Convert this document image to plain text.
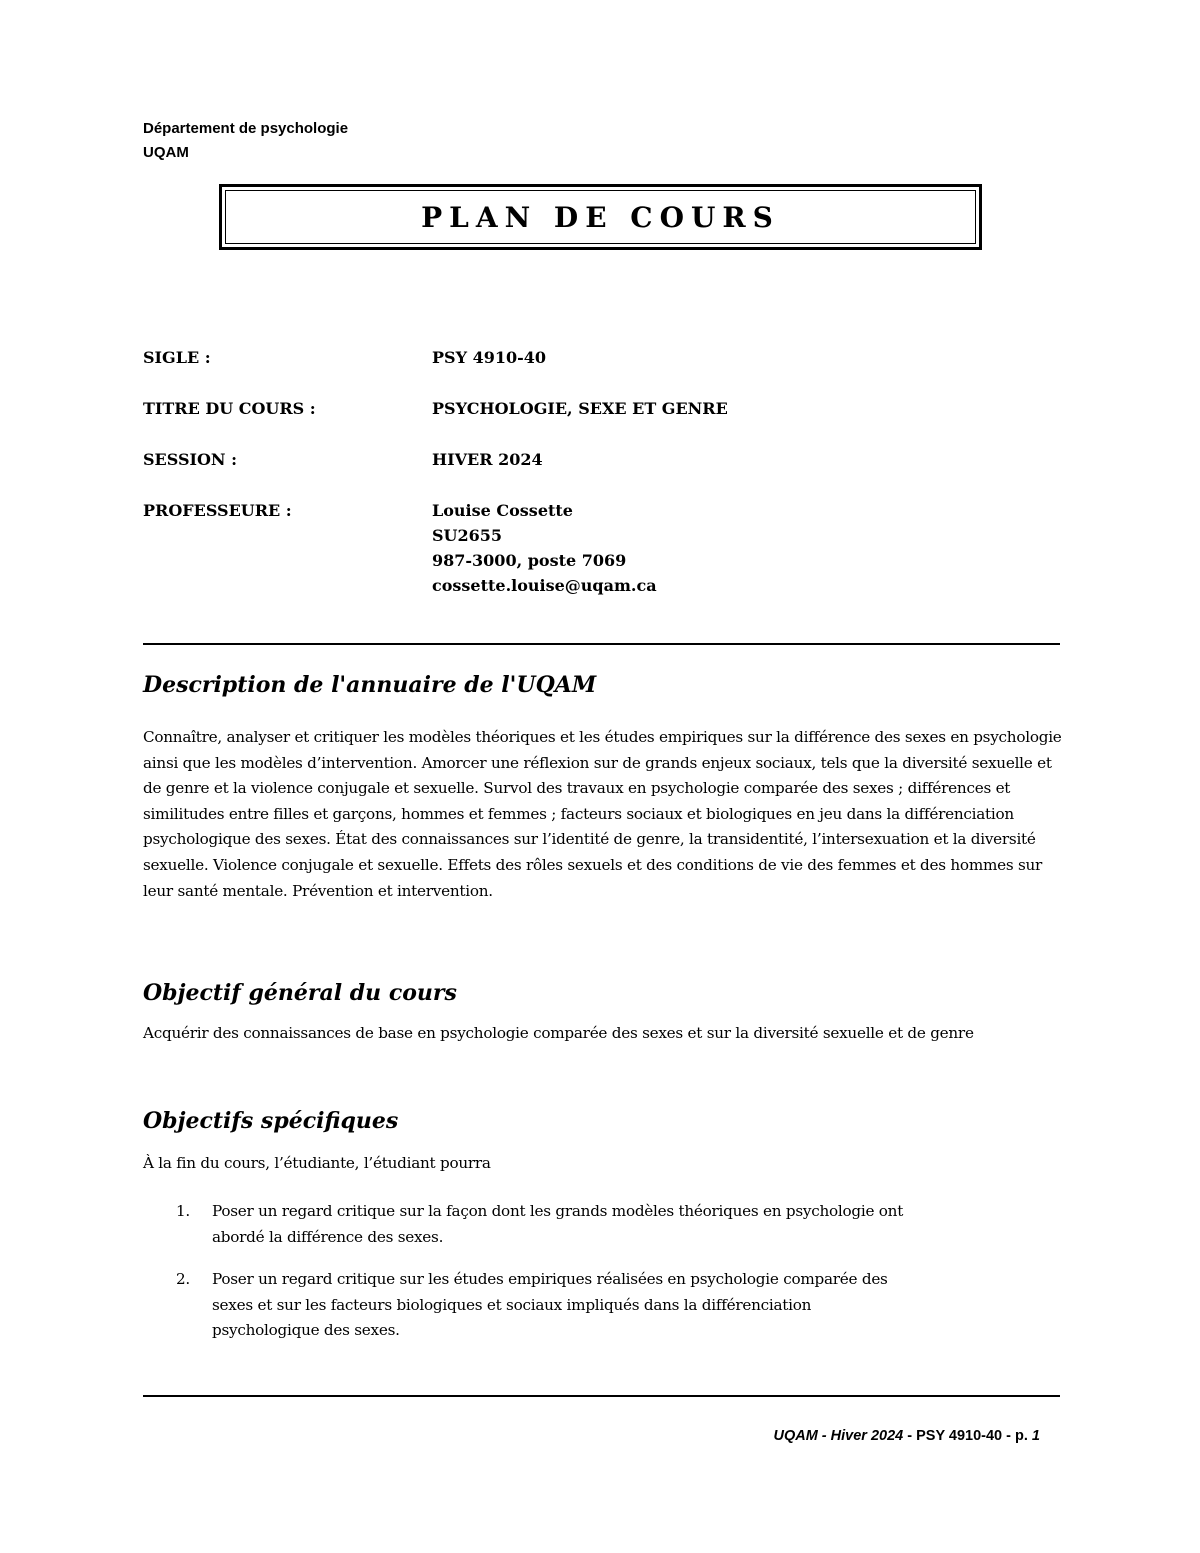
Département de psychologie
UQAM
PLAN DE COURS
SIGLE :	PSY 4910-40
TITRE DU COURS :	PSYCHOLOGIE, SEXE ET GENRE
SESSION :	HIVER 2024
PROFESSEURE :	Louise Cossette
SU2655
987-3000, poste 7069
cossette.louise@uqam.ca
Description de l'annuaire de l'UQAM
Connaître, analyser et critiquer les modèles théoriques et les études empiriques sur la différence des sexes en psychologie ainsi que les modèles d’intervention. Amorcer une réflexion sur de grands enjeux sociaux, tels que la diversité sexuelle et de genre et la violence conjugale et sexuelle. Survol des travaux en psychologie comparée des sexes ; différences et similitudes entre filles et garçons, hommes et femmes ; facteurs sociaux et biologiques en jeu dans la différenciation psychologique des sexes. État des connaissances sur l’identité de genre, la transidentité, l’intersexuation et la diversité sexuelle. Violence conjugale et sexuelle. Effets des rôles sexuels et des conditions de vie des femmes et des hommes sur leur santé mentale. Prévention et intervention.
Objectif général du cours
Acquérir des connaissances de base en psychologie comparée des sexes et sur la diversité sexuelle et de genre
Objectifs spécifiques
À la fin du cours, l’étudiante, l’étudiant pourra
1. Poser un regard critique sur la façon dont les grands modèles théoriques en psychologie ont abordé la différence des sexes.
2. Poser un regard critique sur les études empiriques réalisées en psychologie comparée des sexes et sur les facteurs biologiques et sociaux impliqués dans la différenciation psychologique des sexes.
UQAM - Hiver 2024 - PSY 4910-40 - p. 1
